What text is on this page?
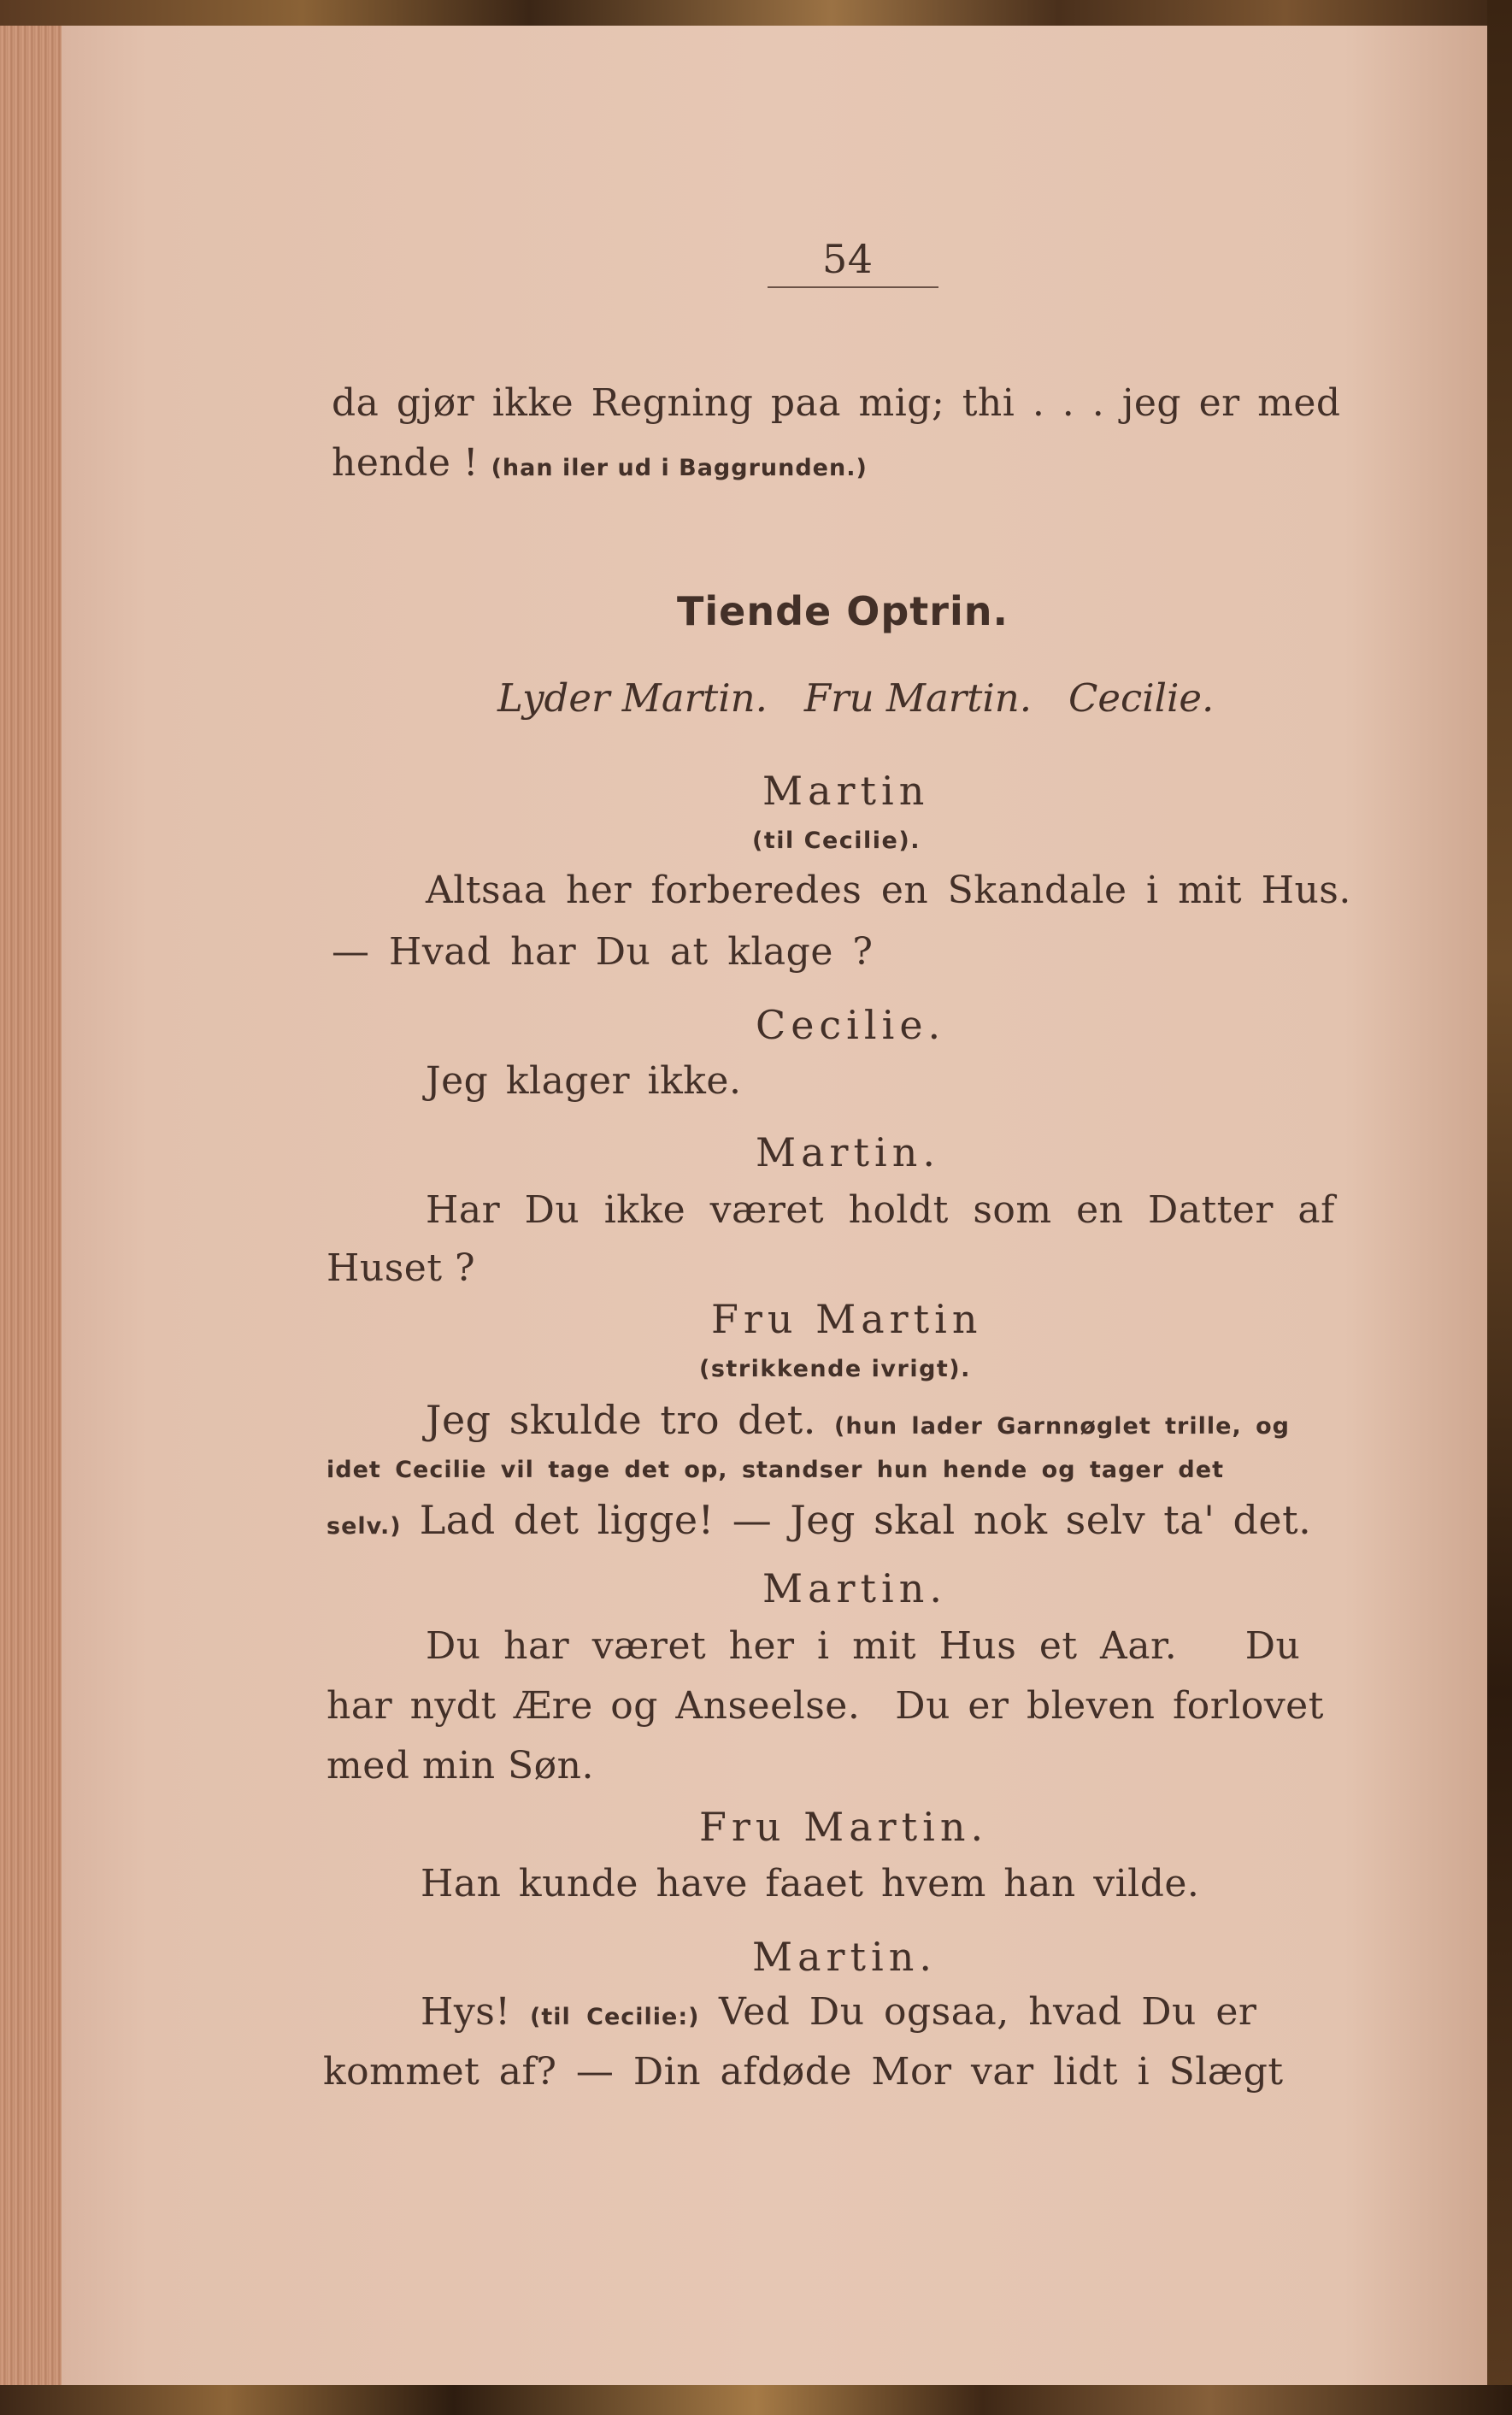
54
da gjør ikke Regning paa mig; thi . . . jeg er med
hende ! (han iler ud i Baggrunden.)
Tiende Optrin.
Lyder Martin.   Fru Martin.   Cecilie.
Martin
(til Cecilie).
Altsaa her forberedes en Skandale i mit Hus.
— Hvad har Du at klage ?
Cecilie.
Jeg klager ikke.
Martin.
Har Du ikke været holdt som en Datter af
Huset ?
Fru Martin
(strikkende ivrigt).
Jeg skulde tro det. (hun lader Garnnøglet trille, og
idet Cecilie vil tage det op, standser hun hende og tager det
selv.) Lad det ligge! — Jeg skal nok selv ta' det.
Martin.
Du har været her i mit Hus et Aar.   Du
har nydt Ære og Anseelse.  Du er bleven forlovet
med min Søn.
Fru Martin.
Han kunde have faaet hvem han vilde.
Martin.
Hys! (til Cecilie:) Ved Du ogsaa, hvad Du er
kommet af? — Din afdøde Mor var lidt i Slægt
